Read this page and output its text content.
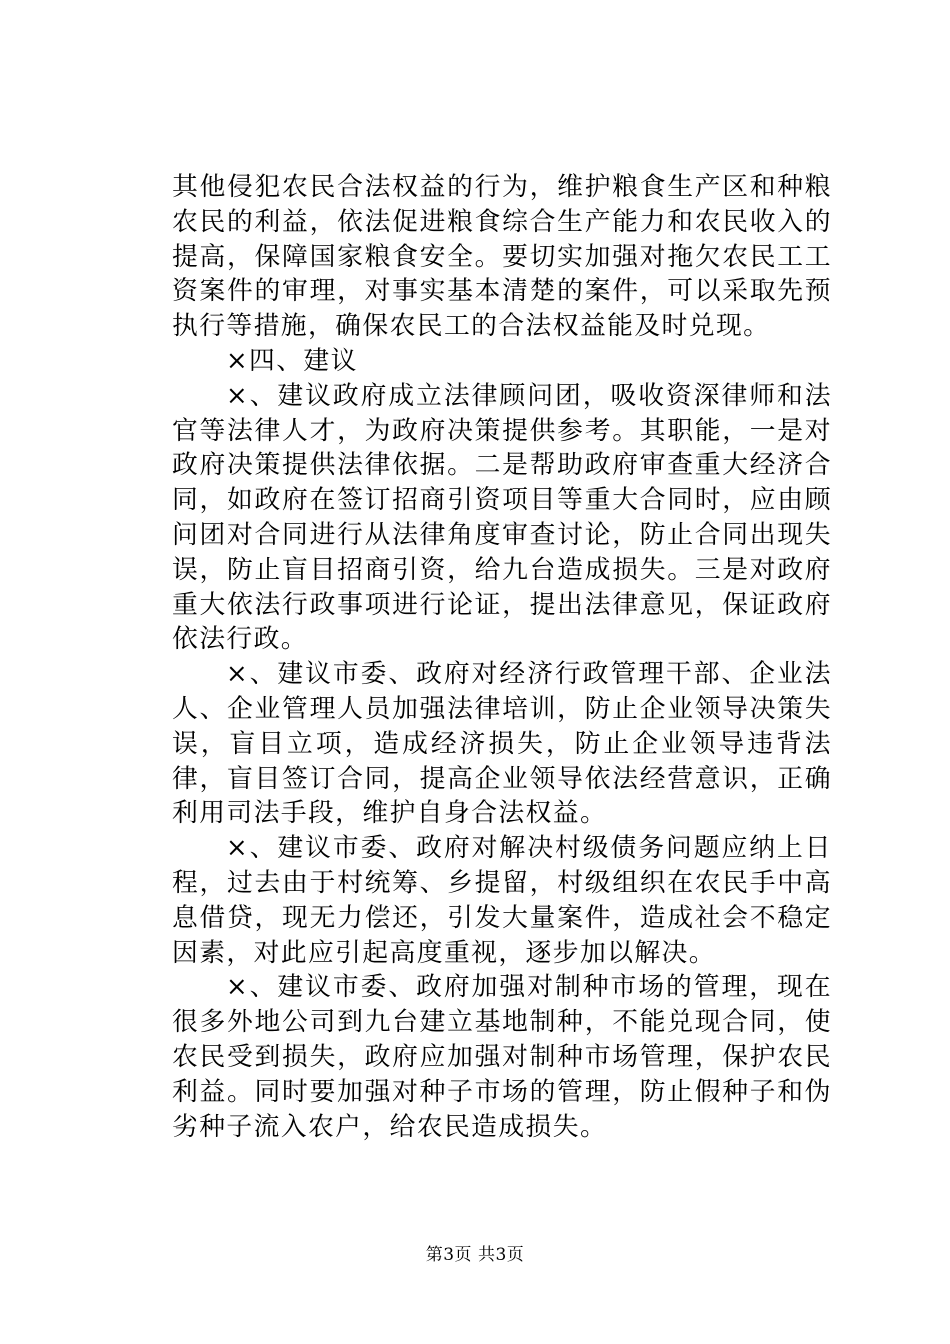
其他侵犯农民合法权益的行为，维护粮食生产区和种粮农民的利益，依法促进粮食综合生产能力和农民收入的提高，保障国家粮食安全。要切实加强对拖欠农民工工资案件的审理，对事实基本清楚的案件，可以采取先预执行等措施，确保农民工的合法权益能及时兑现。

×四、建议

×、建议政府成立法律顾问团，吸收资深律师和法官等法律人才，为政府决策提供参考。其职能，一是对政府决策提供法律依据。二是帮助政府审查重大经济合同，如政府在签订招商引资项目等重大合同时，应由顾问团对合同进行从法律角度审查讨论，防止合同出现失误，防止盲目招商引资，给九台造成损失。三是对政府重大依法行政事项进行论证，提出法律意见，保证政府依法行政。

×、建议市委、政府对经济行政管理干部、企业法人、企业管理人员加强法律培训，防止企业领导决策失误，盲目立项，造成经济损失，防止企业领导违背法律，盲目签订合同，提高企业领导依法经营意识，正确利用司法手段，维护自身合法权益。

×、建议市委、政府对解决村级债务问题应纳上日程，过去由于村统筹、乡提留，村级组织在农民手中高息借贷，现无力偿还，引发大量案件，造成社会不稳定因素，对此应引起高度重视，逐步加以解决。

×、建议市委、政府加强对制种市场的管理，现在很多外地公司到九台建立基地制种，不能兑现合同，使农民受到损失，政府应加强对制种市场管理，保护农民利益。同时要加强对种子市场的管理，防止假种子和伪劣种子流入农户，给农民造成损失。

第3页 共3页
